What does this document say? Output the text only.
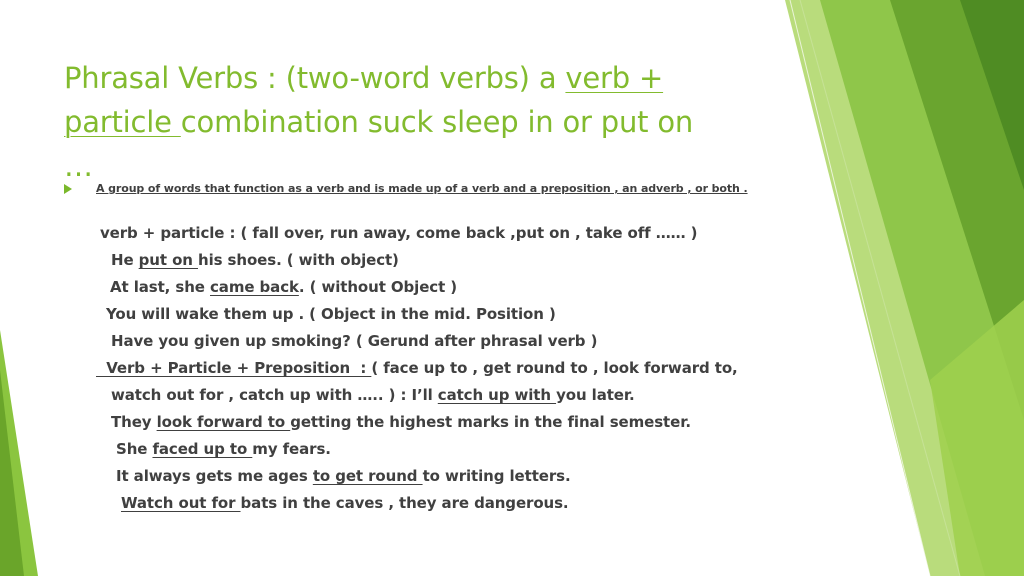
Phrasal Verbs : (two-word verbs) a verb +
particle combination suck sleep in or put on
…
A group of words that function as a verb and is made up of a verb and a preposition , an adverb , or both .
verb + particle : ( fall over, run away, come back ,put on , take off …… )
He put on his shoes. ( with object)
At last, she came back. ( without Object )
You will wake them up . ( Object in the mid. Position )
Have you given up smoking? ( Gerund after phrasal verb )
Verb + Particle + Preposition  : ( face up to , get round to , look forward to,
watch out for , catch up with ….. ) : I’ll catch up with you later.
They look forward to getting the highest marks in the final semester.
She faced up to my fears.
It always gets me ages to get round to writing letters.
Watch out for bats in the caves , they are dangerous.
